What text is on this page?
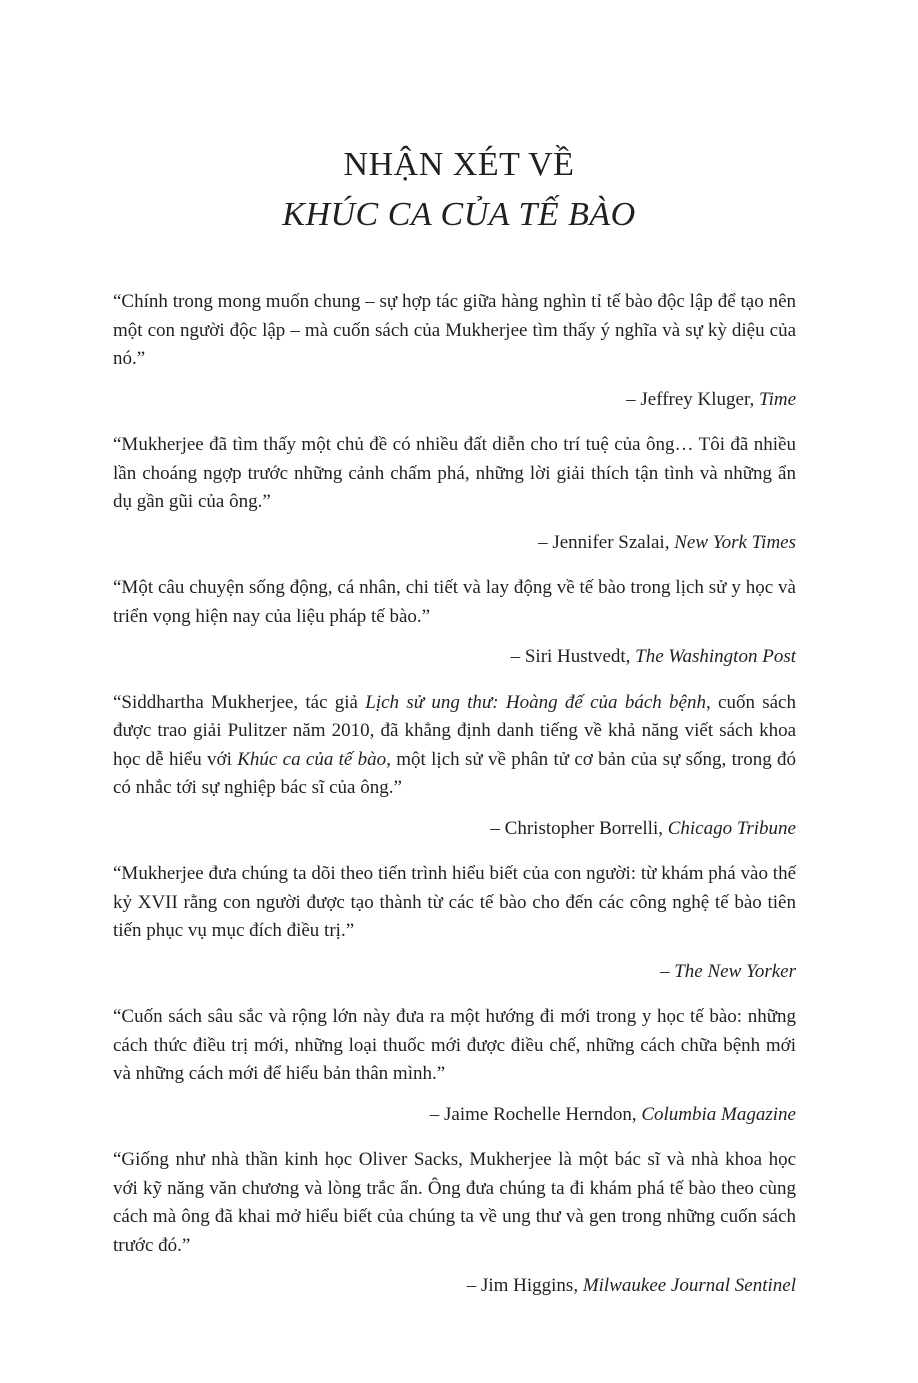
NHẬN XÉT VỀ
KHÚC CA CỦA TẾ BÀO

“Chính trong mong muốn chung – sự hợp tác giữa hàng nghìn tỉ tế bào độc lập để tạo nên một con người độc lập – mà cuốn sách của Mukherjee tìm thấy ý nghĩa và sự kỳ diệu của nó.”

– Jeffrey Kluger, Time

“Mukherjee đã tìm thấy một chủ đề có nhiều đất diễn cho trí tuệ của ông… Tôi đã nhiều lần choáng ngợp trước những cảnh chấm phá, những lời giải thích tận tình và những ẩn dụ gần gũi của ông.”

– Jennifer Szalai, New York Times

“Một câu chuyện sống động, cá nhân, chi tiết và lay động về tế bào trong lịch sử y học và triển vọng hiện nay của liệu pháp tế bào.”

– Siri Hustvedt, The Washington Post

“Siddhartha Mukherjee, tác giả Lịch sử ung thư: Hoàng đế của bách bệnh, cuốn sách được trao giải Pulitzer năm 2010, đã khẳng định danh tiếng về khả năng viết sách khoa học dễ hiểu với Khúc ca của tế bào, một lịch sử về phân tử cơ bản của sự sống, trong đó có nhắc tới sự nghiệp bác sĩ của ông.”

– Christopher Borrelli, Chicago Tribune

“Mukherjee đưa chúng ta dõi theo tiến trình hiểu biết của con người: từ khám phá vào thế kỷ XVII rằng con người được tạo thành từ các tế bào cho đến các công nghệ tế bào tiên tiến phục vụ mục đích điều trị.”

– The New Yorker

“Cuốn sách sâu sắc và rộng lớn này đưa ra một hướng đi mới trong y học tế bào: những cách thức điều trị mới, những loại thuốc mới được điều chế, những cách chữa bệnh mới và những cách mới để hiểu bản thân mình.”

– Jaime Rochelle Herndon, Columbia Magazine

“Giống như nhà thần kinh học Oliver Sacks, Mukherjee là một bác sĩ và nhà khoa học với kỹ năng văn chương và lòng trắc ẩn. Ông đưa chúng ta đi khám phá tế bào theo cùng cách mà ông đã khai mở hiểu biết của chúng ta về ung thư và gen trong những cuốn sách trước đó.”

– Jim Higgins, Milwaukee Journal Sentinel
